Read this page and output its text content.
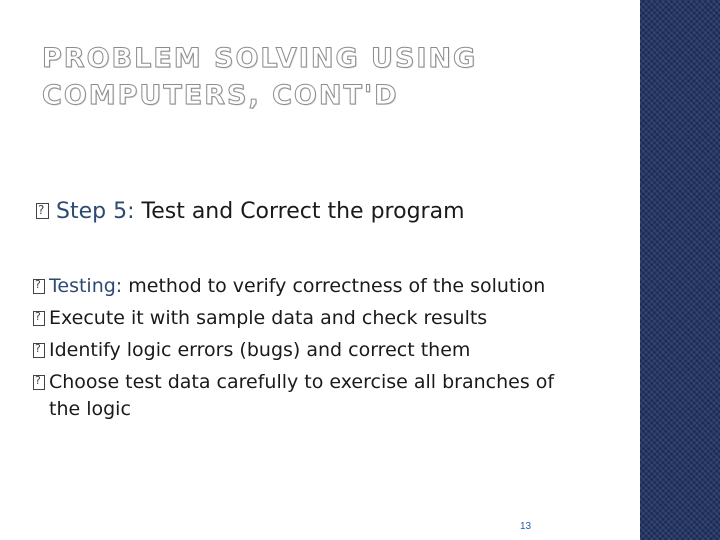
PROBLEM SOLVING USING
COMPUTERS, CONT'D
?Step 5: Test and Correct the program
?
Testing: method to verify correctness of the solution
?
Execute it with sample data and check results
?
Identify logic errors (bugs) and correct them
?
Choose test data carefully to exercise all branches of
the logic
13
